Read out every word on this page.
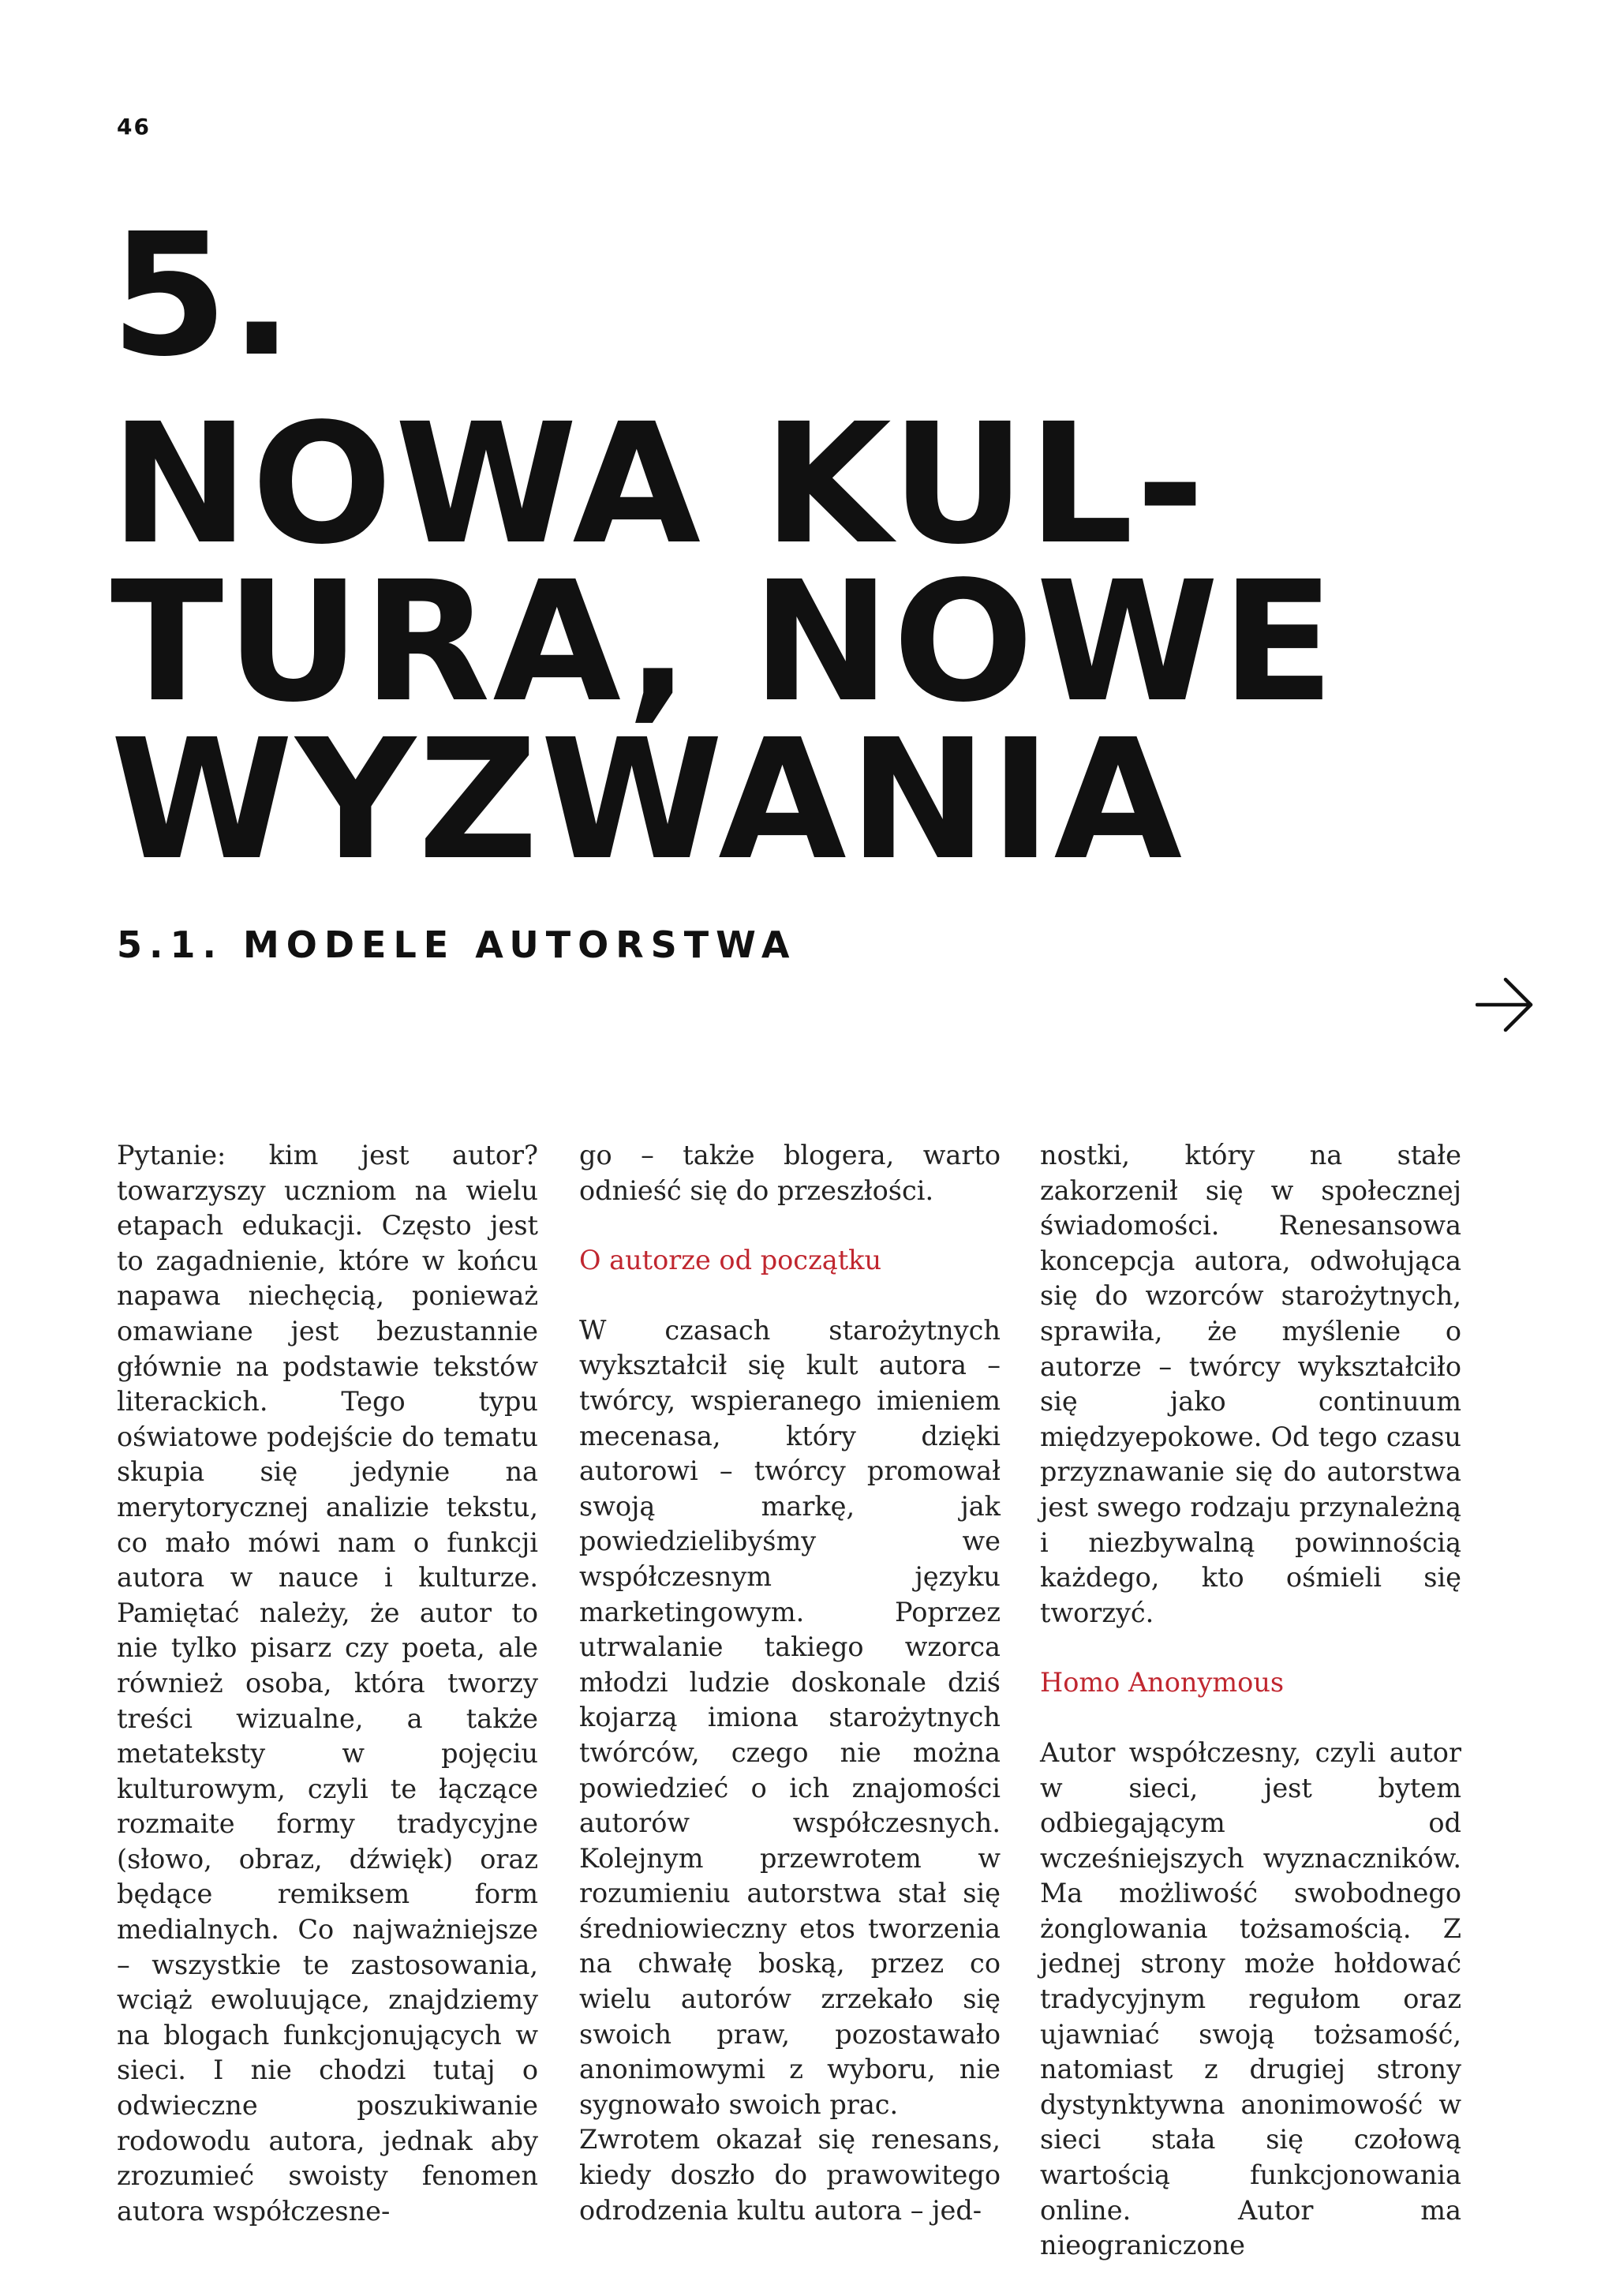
46
5.
NOWA KUL-
TURA, NOWE
WYZWANIA
5.1. MODELE AUTORSTWA

Pytanie: kim jest autor? towarzyszy uczniom na wielu etapach edukacji. Często jest to zagadnienie, które w końcu napawa niechęcią, ponieważ omawiane jest bezustannie głównie na podstawie tekstów literackich. Tego typu oświatowe podejście do tematu skupia się jedynie na merytorycznej analizie tekstu, co mało mówi nam o funkcji autora w nauce i kulturze. Pamiętać należy, że autor to nie tylko pisarz czy poeta, ale również osoba, która tworzy treści wizualne, a także metateksty w pojęciu kulturowym, czyli te łączące rozmaite formy tradycyjne (słowo, obraz, dźwięk) oraz będące remiksem form medialnych. Co najważniejsze – wszystkie te zastosowania, wciąż ewoluujące, znajdziemy na blogach funkcjonujących w sieci. I nie chodzi tutaj o odwieczne poszukiwanie rodowodu autora, jednak aby zrozumieć swoisty fenomen autora współczesne-

go – także blogera, warto odnieść się do przeszłości.

O autorze od początku

W czasach starożytnych wykształcił się kult autora – twórcy, wspieranego imieniem mecenasa, który dzięki autorowi – twórcy promował swoją markę, jak powiedzielibyśmy we współczesnym języku marketingowym. Poprzez utrwalanie takiego wzorca młodzi ludzie doskonale dziś kojarzą imiona starożytnych twórców, czego nie można powiedzieć o ich znajomości autorów współczesnych. Kolejnym przewrotem w rozumieniu autorstwa stał się średniowieczny etos tworzenia na chwałę boską, przez co wielu autorów zrzekało się swoich praw, pozostawało anonimowymi z wyboru, nie sygnowało swoich prac.

Zwrotem okazał się renesans, kiedy doszło do prawowitego odrodzenia kultu autora – jed-

nostki, który na stałe zakorzenił się w społecznej świadomości. Renesansowa koncepcja autora, odwołująca się do wzorców starożytnych, sprawiła, że myślenie o autorze – twórcy wykształciło się jako continuum międzyepokowe. Od tego czasu przyznawanie się do autorstwa jest swego rodzaju przynależną i niezbywalną powinnością każdego, kto ośmieli się tworzyć.

Homo Anonymous

Autor współczesny, czyli autor w sieci, jest bytem odbiegającym od wcześniejszych wyznaczników. Ma możliwość swobodnego żonglowania tożsamością. Z jednej strony może hołdować tradycyjnym regułom oraz ujawniać swoją tożsamość, natomiast z drugiej strony dystynktywna anonimowość w sieci stała się czołową wartością funkcjonowania online. Autor ma nieograniczone
